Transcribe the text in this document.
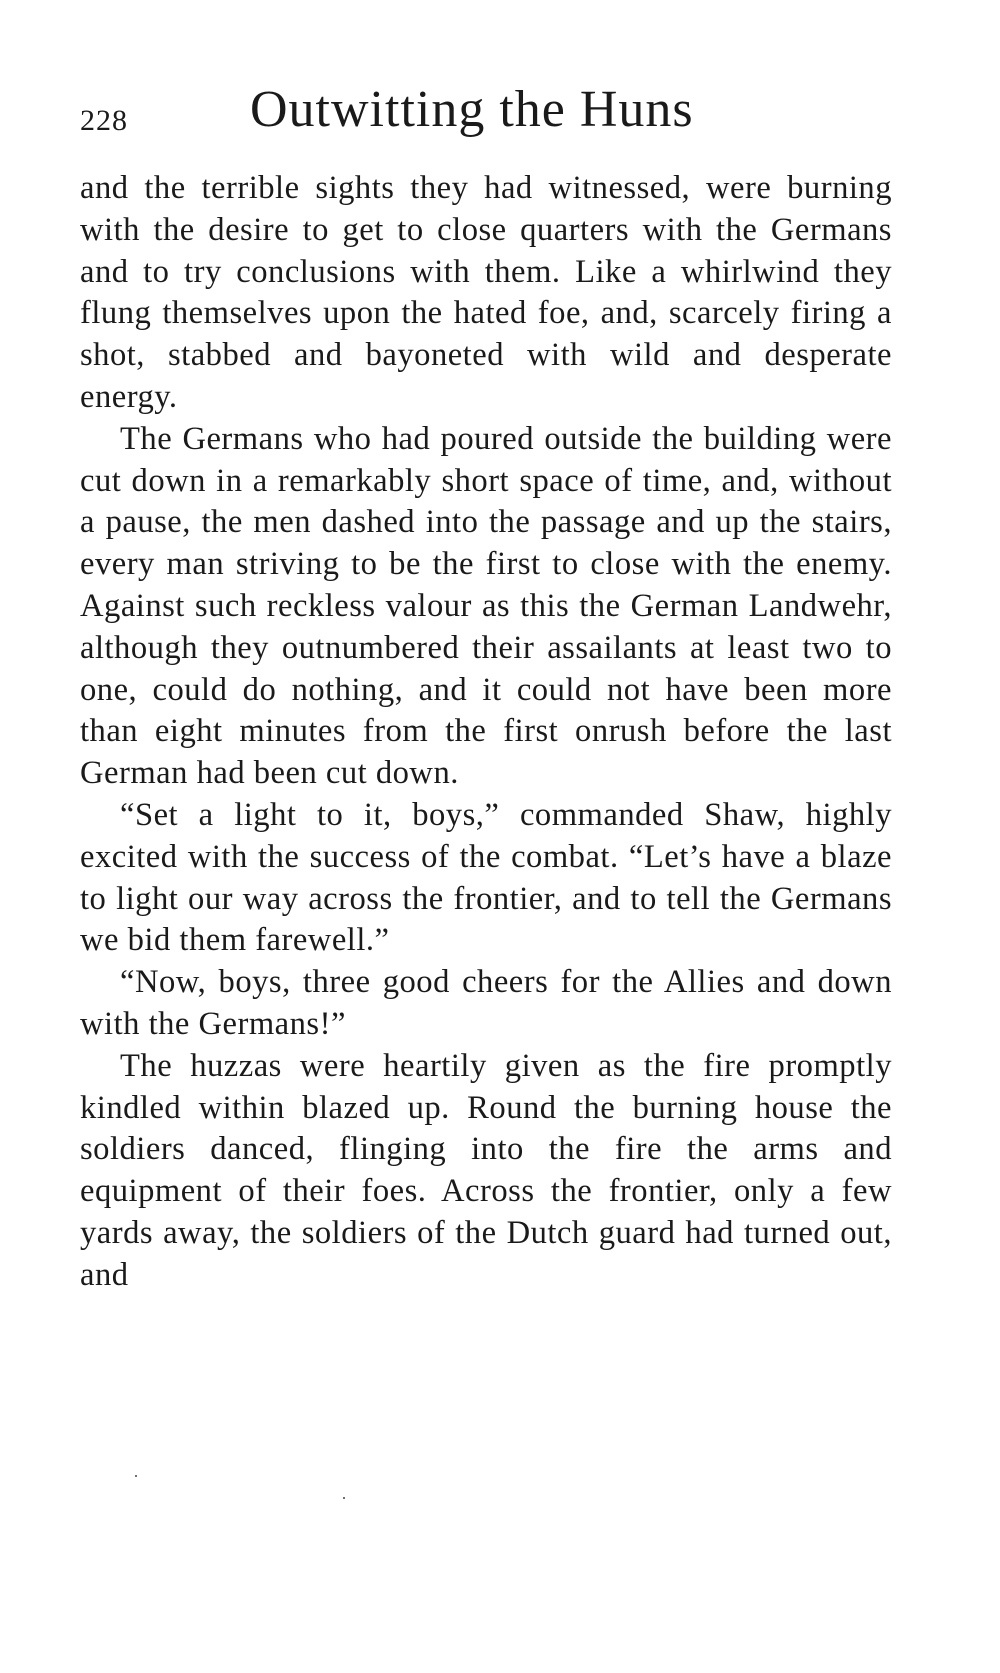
228 Outwitting the Huns

and the terrible sights they had witnessed, were burning with the desire to get to close quarters with the Germans and to try conclusions with them. Like a whirlwind they flung themselves upon the hated foe, and, scarcely firing a shot, stabbed and bayoneted with wild and desperate energy.

The Germans who had poured outside the building were cut down in a remarkably short space of time, and, without a pause, the men dashed into the passage and up the stairs, every man striving to be the first to close with the enemy. Against such reckless valour as this the German Landwehr, although they outnumbered their assailants at least two to one, could do nothing, and it could not have been more than eight minutes from the first onrush before the last German had been cut down.

“Set a light to it, boys,” commanded Shaw, highly excited with the success of the combat. “Let’s have a blaze to light our way across the frontier, and to tell the Germans we bid them farewell.”

“Now, boys, three good cheers for the Allies and down with the Germans!”

The huzzas were heartily given as the fire promptly kindled within blazed up. Round the burning house the soldiers danced, flinging into the fire the arms and equipment of their foes. Across the frontier, only a few yards away, the soldiers of the Dutch guard had turned out, and
